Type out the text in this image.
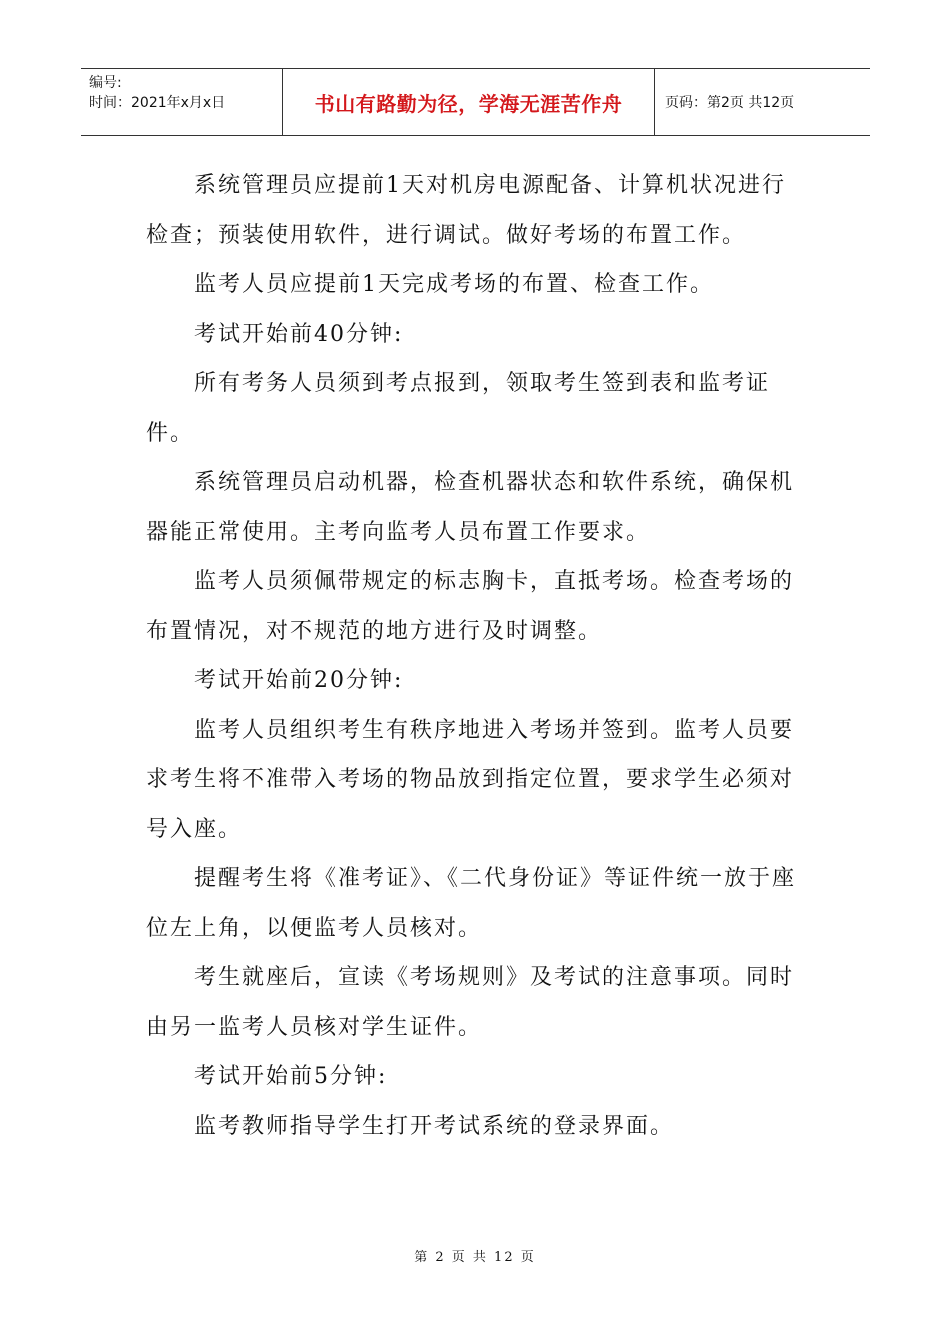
编号:
时间：2021年x月x日	书山有路勤为径，学海无涯苦作舟	页码：第2页 共12页

系统管理员应提前1天对机房电源配备、计算机状况进行检查；预装使用软件，进行调试。做好考场的布置工作。

监考人员应提前1天完成考场的布置、检查工作。

考试开始前40分钟:

所有考务人员须到考点报到，领取考生签到表和监考证件。

系统管理员启动机器，检查机器状态和软件系统，确保机器能正常使用。主考向监考人员布置工作要求。

监考人员须佩带规定的标志胸卡，直抵考场。检查考场的布置情况，对不规范的地方进行及时调整。

考试开始前20分钟:

监考人员组织考生有秩序地进入考场并签到。监考人员要求考生将不准带入考场的物品放到指定位置，要求学生必须对号入座。

提醒考生将《准考证》、《二代身份证》等证件统一放于座位左上角，以便监考人员核对。

考生就座后，宣读《考场规则》及考试的注意事项。同时由另一监考人员核对学生证件。

考试开始前5分钟:

监考教师指导学生打开考试系统的登录界面。

第 2 页 共 12 页
